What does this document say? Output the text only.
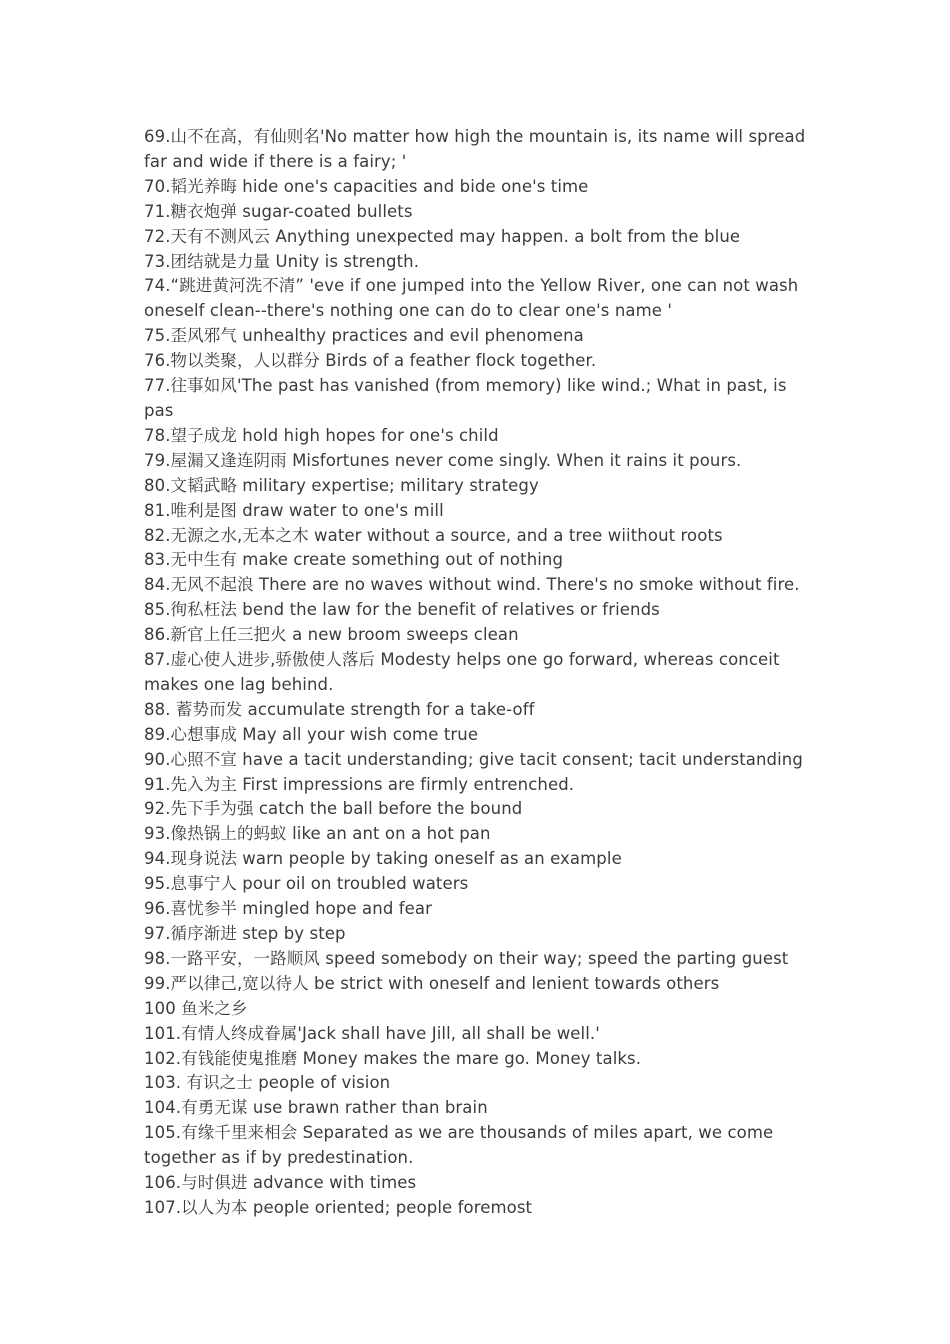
69.山不在高，有仙则名'No matter how high the mountain is, its name will spread far and wide if there is a fairy; '

70.韬光养晦 hide one's capacities and bide one's time

71.糖衣炮弹 sugar-coated bullets

72.天有不测风云 Anything unexpected may happen. a bolt from the blue

73.团结就是力量 Unity is strength.

74.“跳进黄河洗不清” 'eve if one jumped into the Yellow River, one can not wash oneself clean--there's nothing one can do to clear one's name '

75.歪风邪气 unhealthy practices and evil phenomena

76.物以类聚，人以群分 Birds of a feather flock together.

77.往事如风'The past has vanished (from memory) like wind.; What in past, is pas

78.望子成龙 hold high hopes for one's child

79.屋漏又逢连阴雨 Misfortunes never come singly. When it rains it pours.

80.文韬武略 military expertise; military strategy

81.唯利是图 draw water to one's mill

82.无源之水,无本之木 water without a source, and a tree wiithout roots

83.无中生有 make create something out of nothing

84.无风不起浪 There are no waves without wind. There's no smoke without fire.

85.徇私枉法 bend the law for the benefit of relatives or friends

86.新官上任三把火 a new broom sweeps clean

87.虚心使人进步,骄傲使人落后 Modesty helps one go forward, whereas conceit makes one lag behind.

88. 蓄势而发 accumulate strength for a take-off

89.心想事成 May all your wish come true

90.心照不宣 have a tacit understanding; give tacit consent; tacit understanding

91.先入为主 First impressions are firmly entrenched.

92.先下手为强 catch the ball before the bound

93.像热锅上的蚂蚁 like an ant on a hot pan

94.现身说法 warn people by taking oneself as an example

95.息事宁人 pour oil on troubled waters

96.喜忧参半 mingled hope and fear

97.循序渐进 step by step

98.一路平安，一路顺风 speed somebody on their way; speed the parting guest

99.严以律己,宽以待人 be strict with oneself and lenient towards others

100 鱼米之乡

101.有情人终成眷属'Jack shall have Jill, all shall be well.'

102.有钱能使鬼推磨 Money makes the mare go. Money talks.

103. 有识之士 people of vision

104.有勇无谋 use brawn rather than brain

105.有缘千里来相会 Separated as we are thousands of miles apart, we come together as if by predestination.

106.与时俱进 advance with times

107.以人为本 people oriented; people foremost
